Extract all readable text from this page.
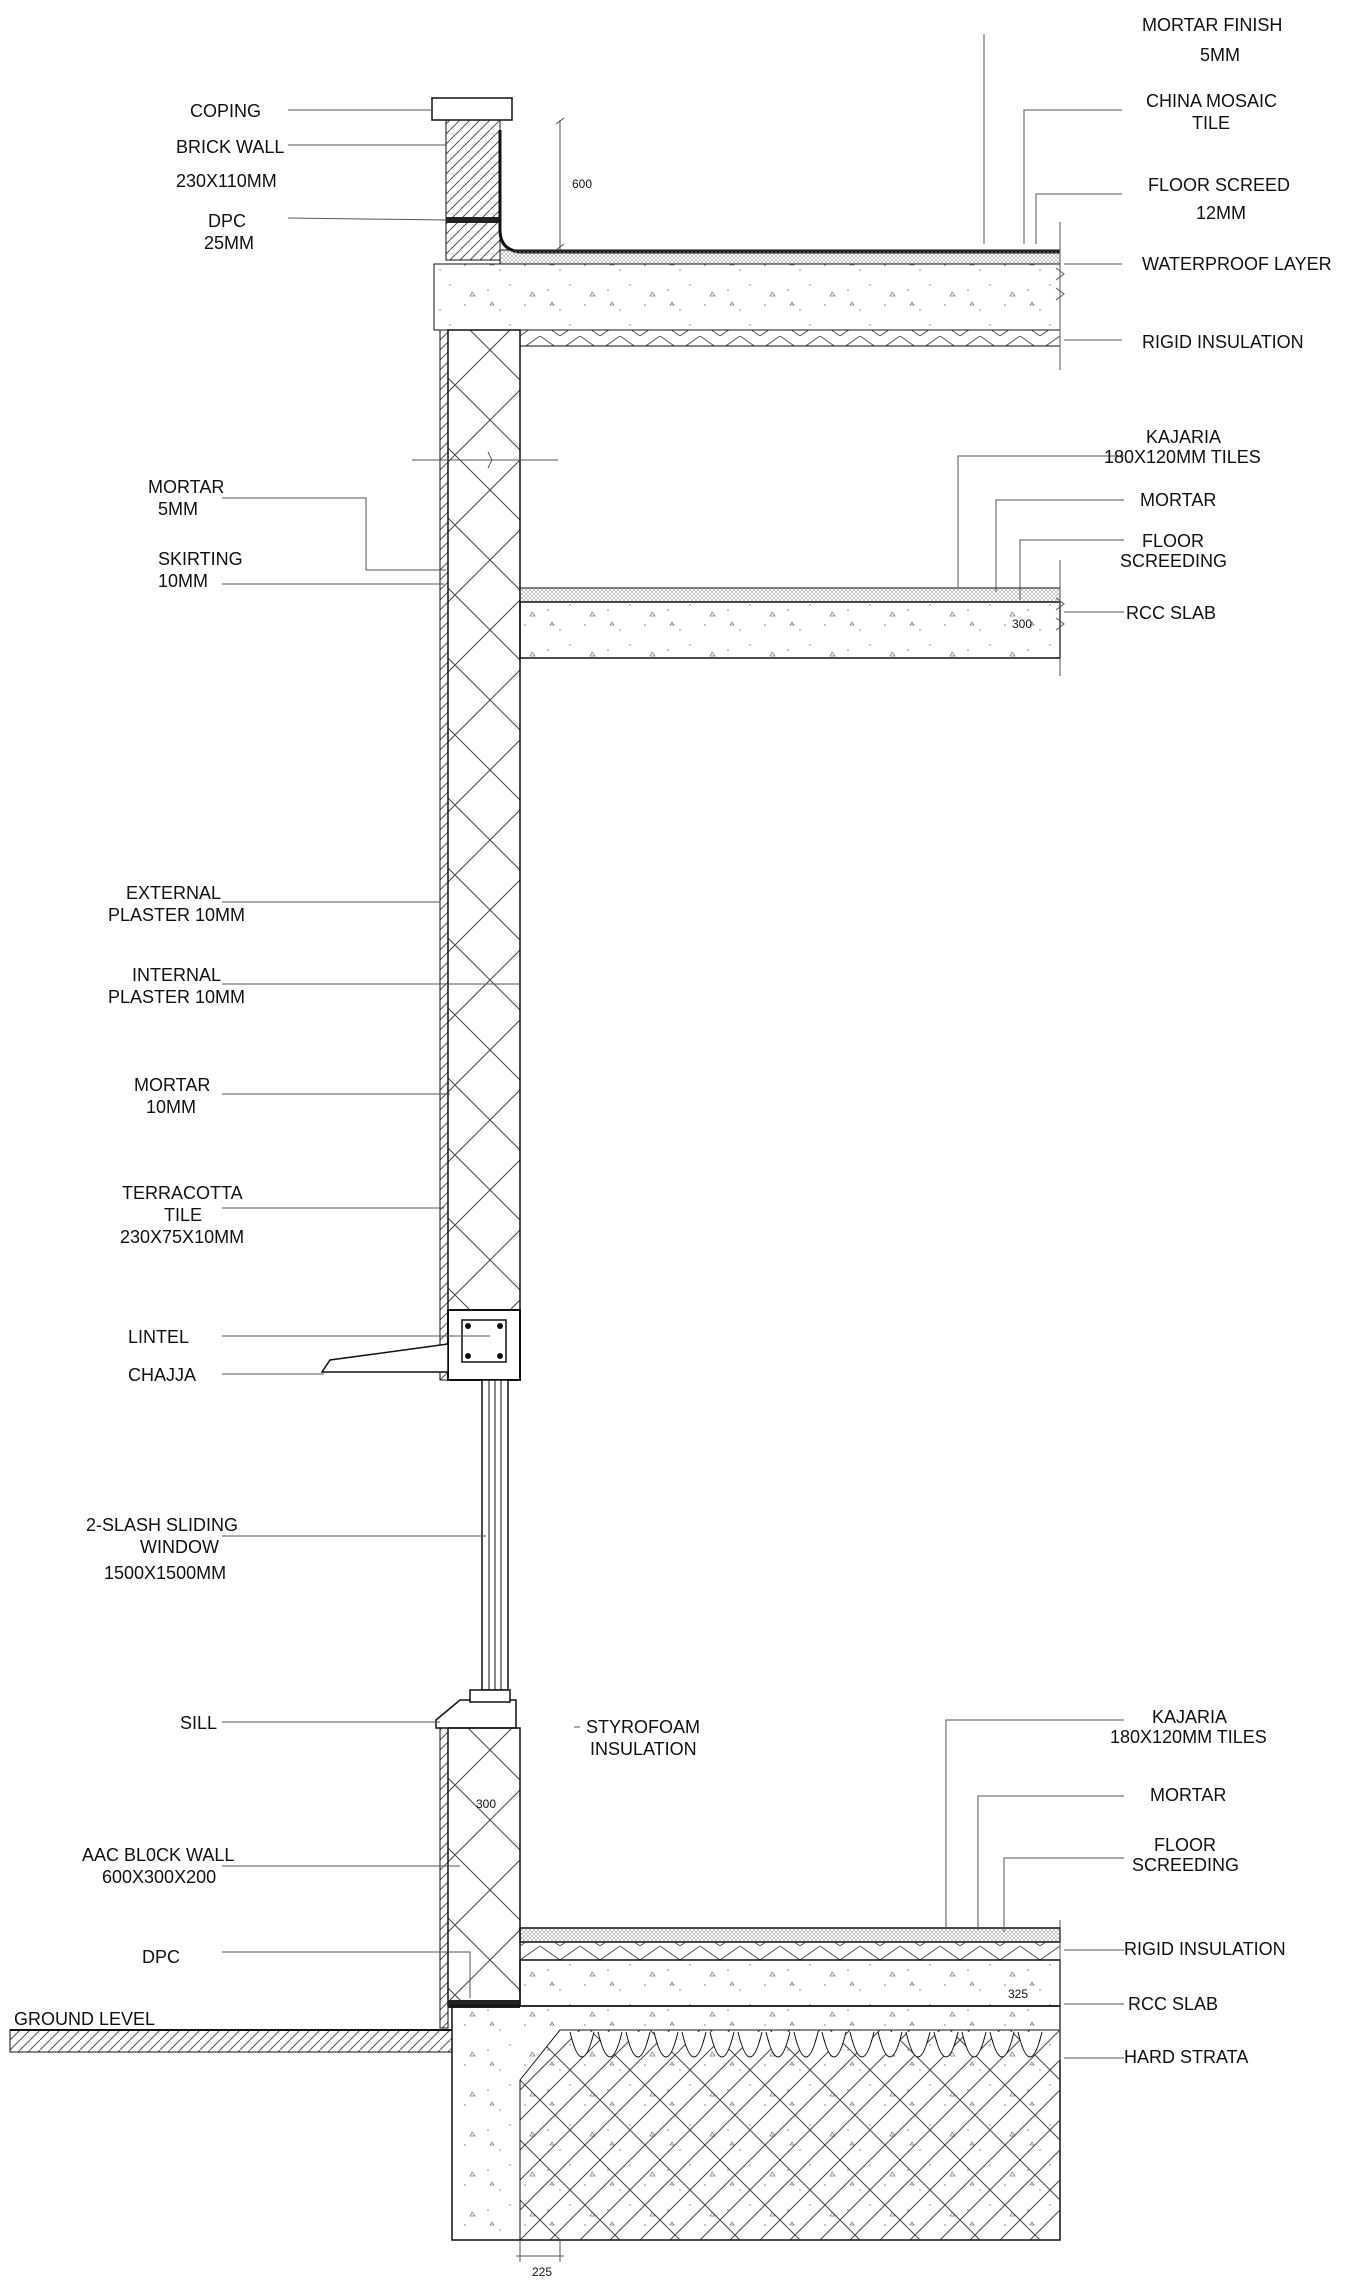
600
300
300
325
225
COPING
BRICK WALL
230X110MM
DPC
25MM
MORTAR
5MM
SKIRTING
10MM
EXTERNAL
PLASTER 10MM
INTERNAL
PLASTER 10MM
MORTAR
10MM
TERRACOTTA
TILE
230X75X10MM
LINTEL
CHAJJA
2-SLASH SLIDING
WINDOW
1500X1500MM
SILL
AAC BL0CK WALL
600X300X200
DPC
GROUND LEVEL
MORTAR FINISH
5MM
CHINA MOSAIC
TILE
FLOOR SCREED
12MM
WATERPROOF LAYER
RIGID INSULATION
KAJARIA
180X120MM TILES
MORTAR
FLOOR
SCREEDING
RCC SLAB
STYROFOAM
INSULATION
KAJARIA
180X120MM TILES
MORTAR
FLOOR
SCREEDING
RIGID INSULATION
RCC SLAB
HARD STRATA
